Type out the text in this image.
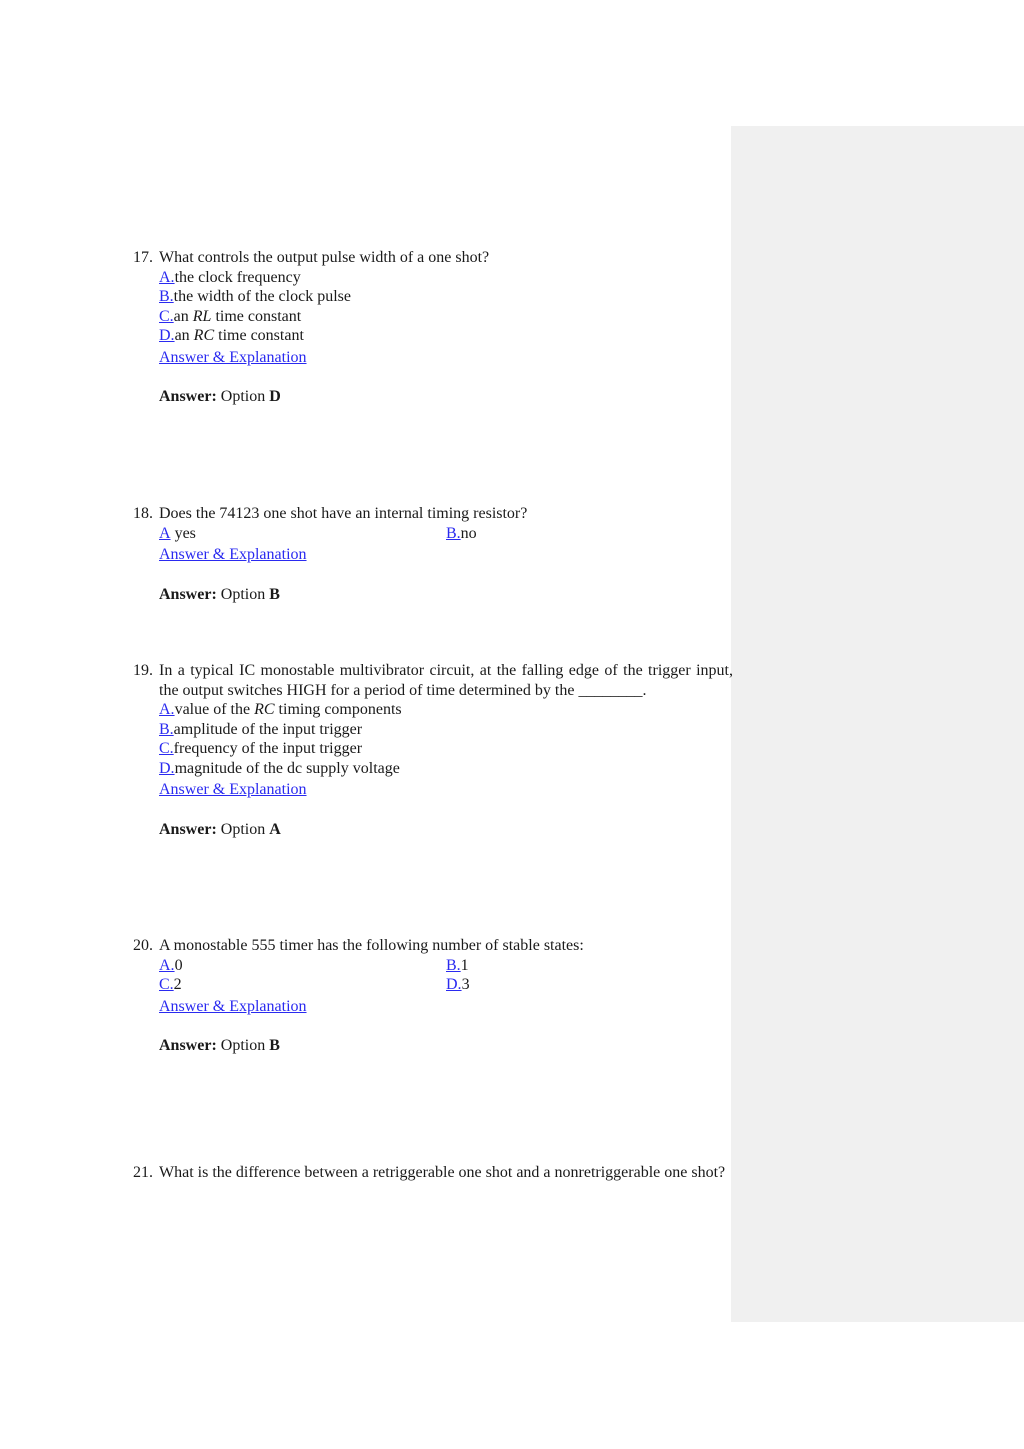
17. What controls the output pulse width of a one shot?
A. the clock frequency
B. the width of the clock pulse
C. an RL time constant
D. an RC time constant
Answer & Explanation
Answer: Option D
18. Does the 74123 one shot have an internal timing resistor?
A yes	B. no
Answer & Explanation
Answer: Option B
19. In a typical IC monostable multivibrator circuit, at the falling edge of the trigger input, the output switches HIGH for a period of time determined by the ________.
A. value of the RC timing components
B. amplitude of the input trigger
C. frequency of the input trigger
D. magnitude of the dc supply voltage
Answer & Explanation
Answer: Option A
20. A monostable 555 timer has the following number of stable states:
A. 0	B. 1
C. 2	D. 3
Answer & Explanation
Answer: Option B
21. What is the difference between a retriggerable one shot and a nonretriggerable one shot?
